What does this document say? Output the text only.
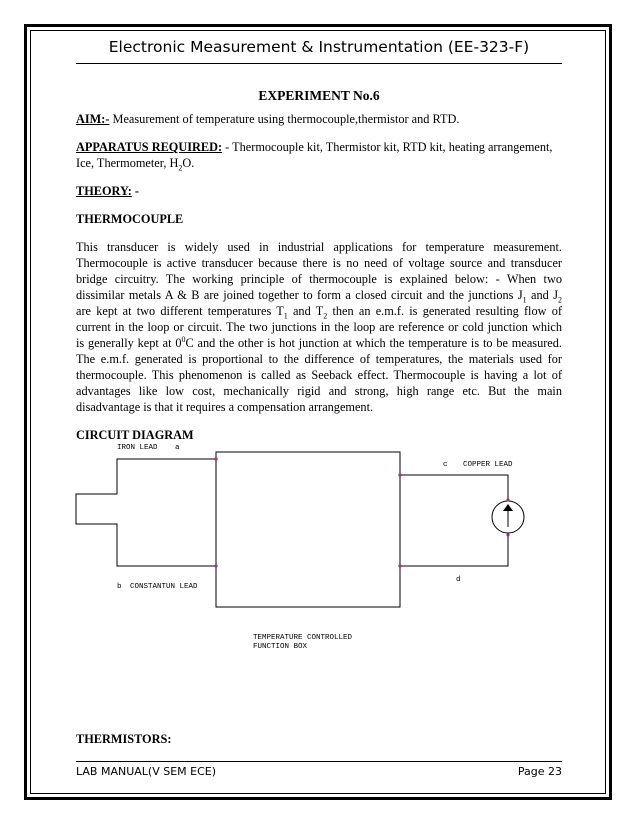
Electronic Measurement & Instrumentation (EE-323-F)
EXPERIMENT No.6
AIM:- Measurement of temperature using thermocouple,thermistor and RTD.
APPARATUS REQUIRED: - Thermocouple kit, Thermistor kit, RTD kit, heating arrangement,
Ice, Thermometer, $H_2O$.
THEORY: -
THERMOCOUPLE
This transducer is widely used in industrial applications for temperature measurement.
Thermocouple is active transducer because there is no need of voltage source and transducer
bridge circuitry. The working principle of thermocouple is explained below: - When two
dissimilar metals A & B are joined together to form a closed circuit and the junctions $J_1$ and $J_2$
are kept at two different temperatures $T_1$ and $T_2$ then an e.m.f. is generated resulting flow of
current in the loop or circuit. The two junctions in the loop are reference or cold junction which
is generally kept at $0^0C$ and the other is hot junction at which the temperature is to be measured.
The e.m.f. generated is proportional to the difference of temperatures, the materials used for
thermocouple. This phenomenon is called as Seeback effect. Thermocouple is having a lot of
advantages like low cost, mechanically rigid and strong, high range etc. But the main
disadvantage is that it requires a compensation arrangement.
CIRCUIT DIAGRAM
IRON LEAD a
c COPPER LEAD
d
b CONSTANTUN LEAD
TEMPERATURE CONTROLLED
FUNCTION BOX
THERMISTORS:
LAB MANUAL(V SEM ECE)	Page 23
